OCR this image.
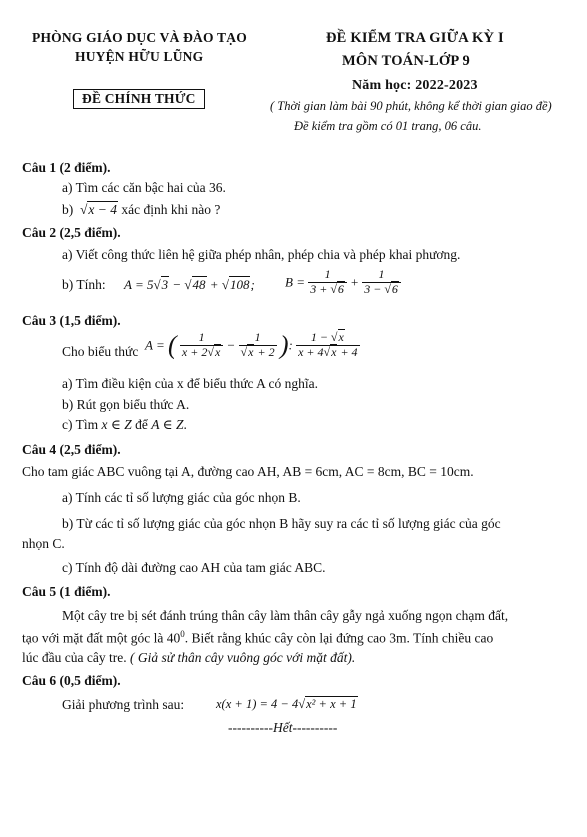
PHÒNG GIÁO DỤC VÀ ĐÀO TẠO
HUYỆN HỮU LŨNG
ĐỀ CHÍNH THỨC
ĐỀ KIỂM TRA GIỮA KỲ I
MÔN TOÁN-LỚP 9
Năm học: 2022-2023
( Thời gian làm bài 90 phút, không kể thời gian giao đề)
Đề kiểm tra gồm có 01 trang, 06 câu.
Câu 1 (2 điểm).
a) Tìm các căn bậc hai của 36.
b) √x − 4 xác định khi nào ?
Câu 2 (2,5 điểm).
a) Viết công thức liên hệ giữa phép nhân, phép chia và phép khai phương.
b) Tính: A = 5√3 − √48 + √108; $B = \frac{1}{3 + √6} + \frac{1}{3 - √6}$
Câu 3 (1,5 điểm).
Cho biểu thức A = ( $\frac{1}{x + 2√x} - \frac{1}{√x + 2}$ ): $\frac{1 - √x}{x + 4√x + 4}$
a) Tìm điều kiện của x để biểu thức A có nghĩa.
b) Rút gọn biểu thức A.
c) Tìm x ∈ Z để A ∈ Z.
Câu 4 (2,5 điểm).
Cho tam giác ABC vuông tại A, đường cao AH, AB = 6cm, AC = 8cm, BC = 10cm.
a) Tính các tỉ số lượng giác của góc nhọn B.
b) Từ các tỉ số lượng giác của góc nhọn B hãy suy ra các tỉ số lượng giác của góc
nhọn C.
c) Tính độ dài đường cao AH của tam giác ABC.
Câu 5 (1 điểm).
Một cây tre bị sét đánh trúng thân cây làm thân cây gẫy ngả xuống ngọn chạm đất,
tạo với mặt đất một góc là $40^0$. Biết rằng khúc cây còn lại đứng cao 3m. Tính chiều cao
lúc đầu của cây tre. ( Giả sử thân cây vuông góc với mặt đất).
Câu 6 (0,5 điểm).
Giải phương trình sau:	x(x + 1) = 4 − 4√x² + x + 1
----------Hết----------
